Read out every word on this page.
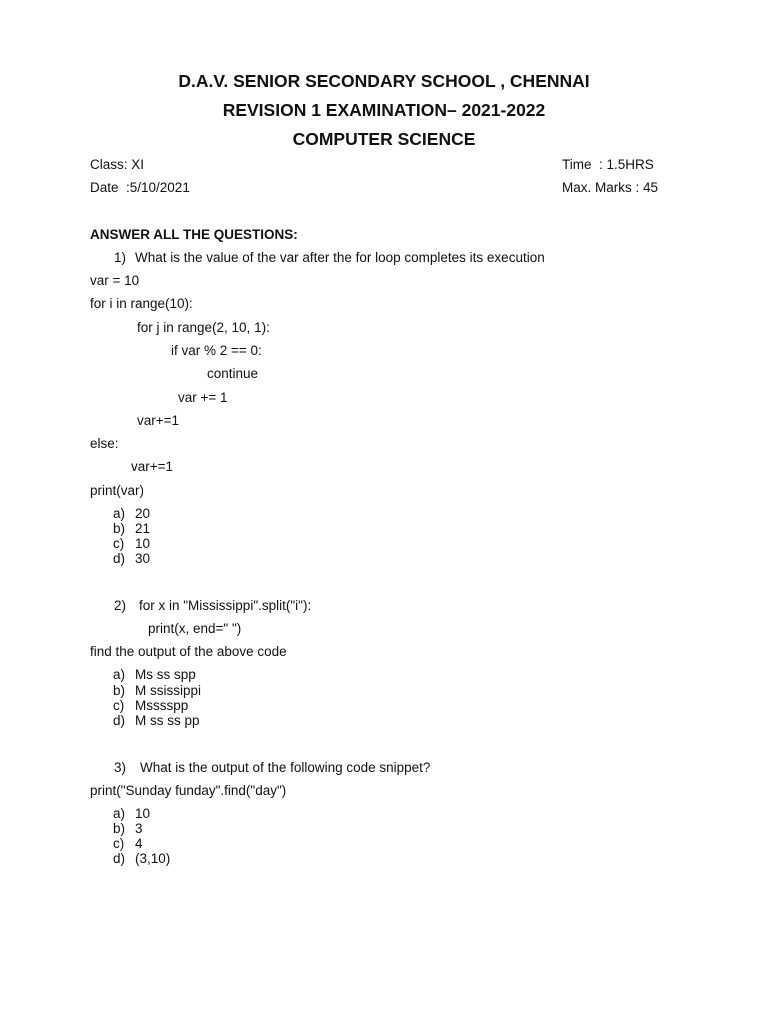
D.A.V. SENIOR SECONDARY SCHOOL , CHENNAI
REVISION 1 EXAMINATION– 2021-2022
COMPUTER SCIENCE
Class: XI	Time  : 1.5HRS
Date  :5/10/2021	Max. Marks : 45
ANSWER ALL THE QUESTIONS:
1) What is the value of the var after the for loop completes its execution
var = 10
for i in range(10):
for j in range(2, 10, 1):
if var % 2 == 0:
continue
var += 1
var+=1
else:
var+=1
print(var)
a) 20
b) 21
c) 10
d) 30
2) for x in "Mississippi".split("i"):
print(x, end=" ")
find the output of the above code
a) Ms ss spp
b) M ssissippi
c) Msssspp
d) M ss ss pp
3) What is the output of the following code snippet?
print("Sunday funday".find("day")
a) 10
b) 3
c) 4
d) (3,10)
